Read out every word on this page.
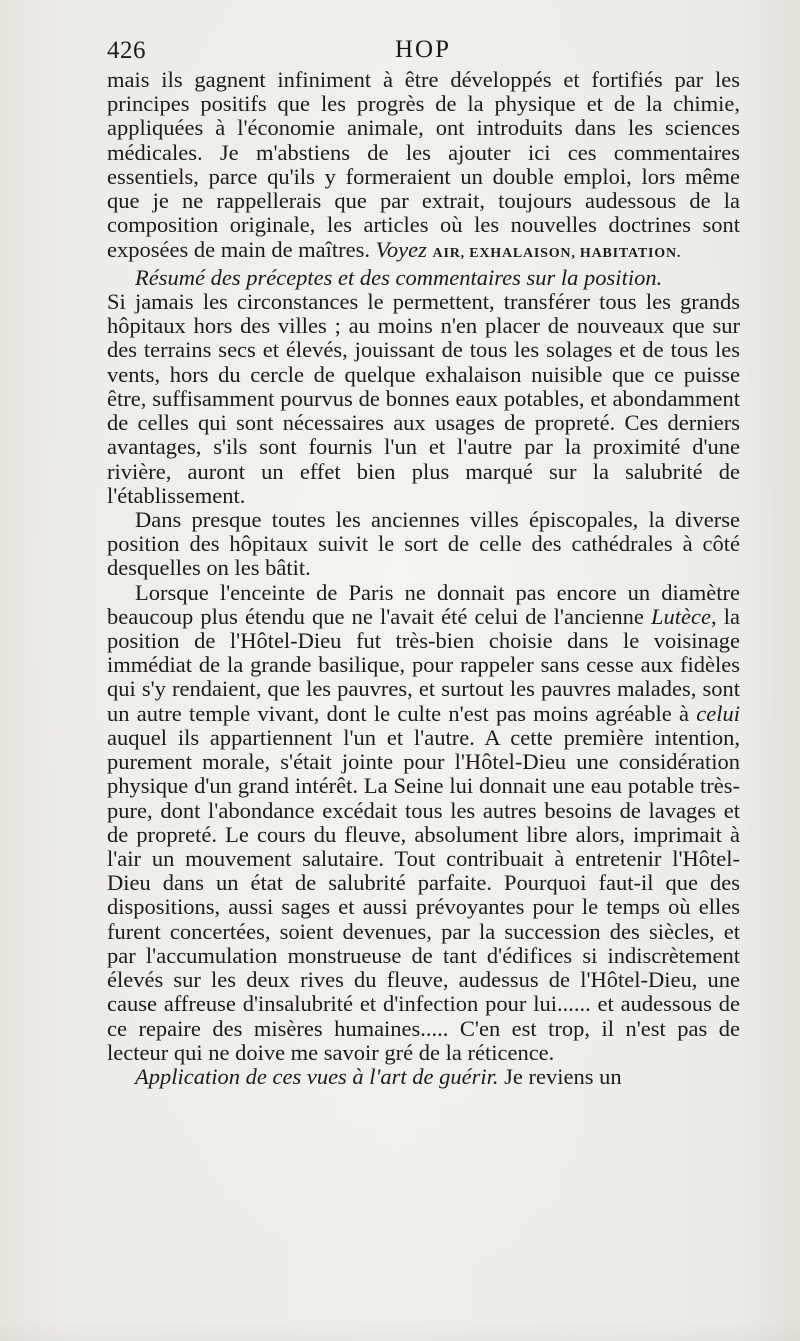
426	HOP

mais ils gagnent infiniment à être développés et fortifiés par les principes positifs que les progrès de la physique et de la chimie, appliquées à l'économie animale, ont introduits dans les sciences médicales. Je m'abstiens de les ajouter ici ces commentaires essentiels, parce qu'ils y formeraient un double emploi, lors même que je ne rappellerais que par extrait, toujours audessous de la composition originale, les articles où les nouvelles doctrines sont exposées de main de maîtres. Voyez AIR, EXHALAISON, HABITATION.

Résumé des préceptes et des commentaires sur la position.

Si jamais les circonstances le permettent, transférer tous les grands hôpitaux hors des villes ; au moins n'en placer de nouveaux que sur des terrains secs et élevés, jouissant de tous les solages et de tous les vents, hors du cercle de quelque exhalaison nuisible que ce puisse être, suffisamment pourvus de bonnes eaux potables, et abondamment de celles qui sont nécessaires aux usages de propreté. Ces derniers avantages, s'ils sont fournis l'un et l'autre par la proximité d'une rivière, auront un effet bien plus marqué sur la salubrité de l'établissement.

Dans presque toutes les anciennes villes épiscopales, la diverse position des hôpitaux suivit le sort de celle des cathédrales à côté desquelles on les bâtit.

Lorsque l'enceinte de Paris ne donnait pas encore un diamètre beaucoup plus étendu que ne l'avait été celui de l'ancienne Lutèce, la position de l'Hôtel-Dieu fut très-bien choisie dans le voisinage immédiat de la grande basilique, pour rappeler sans cesse aux fidèles qui s'y rendaient, que les pauvres, et surtout les pauvres malades, sont un autre temple vivant, dont le culte n'est pas moins agréable à celui auquel ils appartiennent l'un et l'autre. A cette première intention, purement morale, s'était jointe pour l'Hôtel-Dieu une considération physique d'un grand intérêt. La Seine lui donnait une eau potable très-pure, dont l'abondance excédait tous les autres besoins de lavages et de propreté. Le cours du fleuve, absolument libre alors, imprimait à l'air un mouvement salutaire. Tout contribuait à entretenir l'Hôtel-Dieu dans un état de salubrité parfaite. Pourquoi faut-il que des dispositions, aussi sages et aussi prévoyantes pour le temps où elles furent concertées, soient devenues, par la succession des siècles, et par l'accumulation monstrueuse de tant d'édifices si indiscrètement élevés sur les deux rives du fleuve, audessus de l'Hôtel-Dieu, une cause affreuse d'insalubrité et d'infection pour lui...... et audessous de ce repaire des misères humaines..... C'en est trop, il n'est pas de lecteur qui ne doive me savoir gré de la réticence.

Application de ces vues à l'art de guérir. Je reviens un
